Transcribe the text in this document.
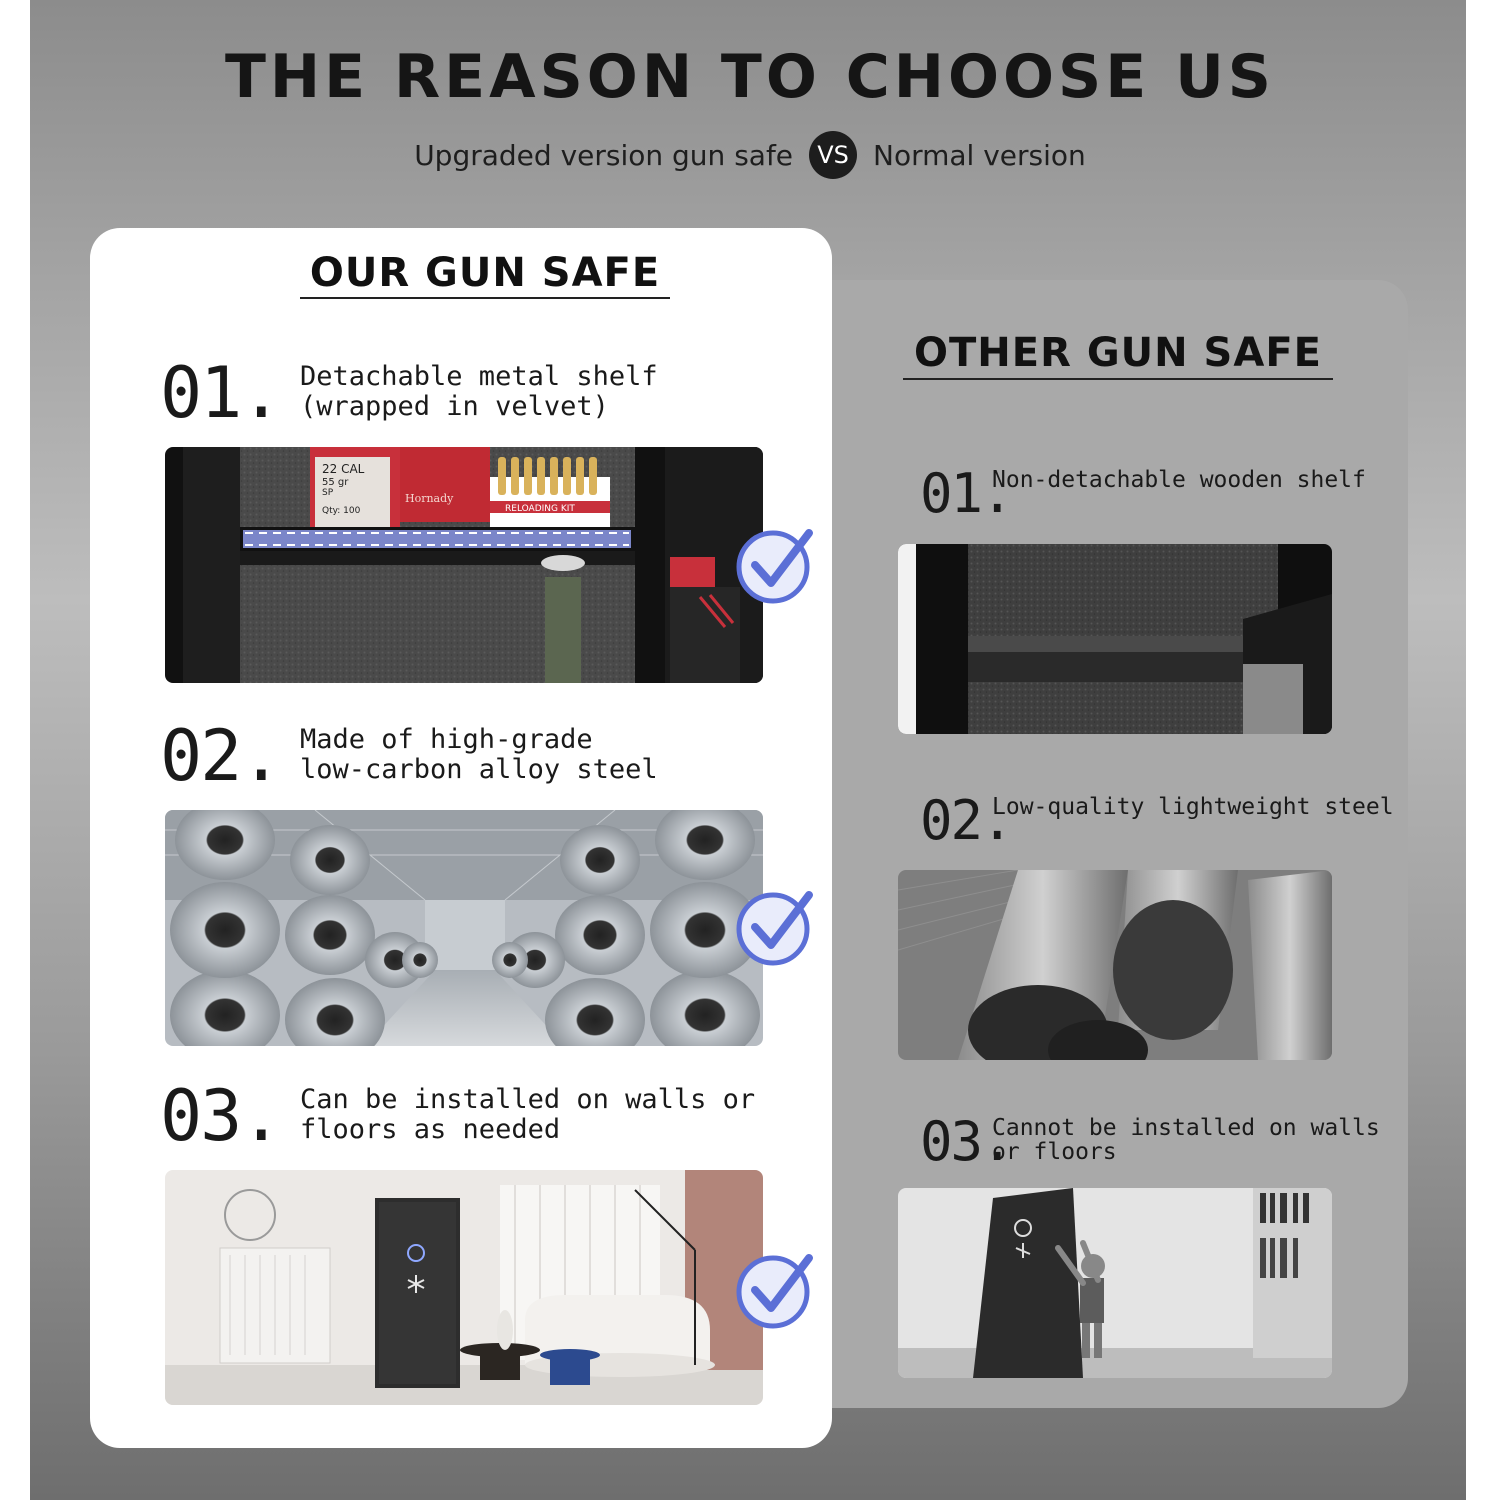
THE REASON TO CHOOSE US
Upgraded version gun safe	VS Normal version
OUR GUN SAFE
01. Detachable metal shelf
(wrapped in velvet)
22 CAL
55 gr
SP
Qty: 100
Hornady
RELOADING KIT
02. Made of high-grade
low-carbon alloy steel
03. Can be installed on walls or
floors as needed
OTHER GUN SAFE
01.
Non-detachable wooden shelf
02.
Low-quality lightweight steel
03.
Cannot be installed on walls
or floors
